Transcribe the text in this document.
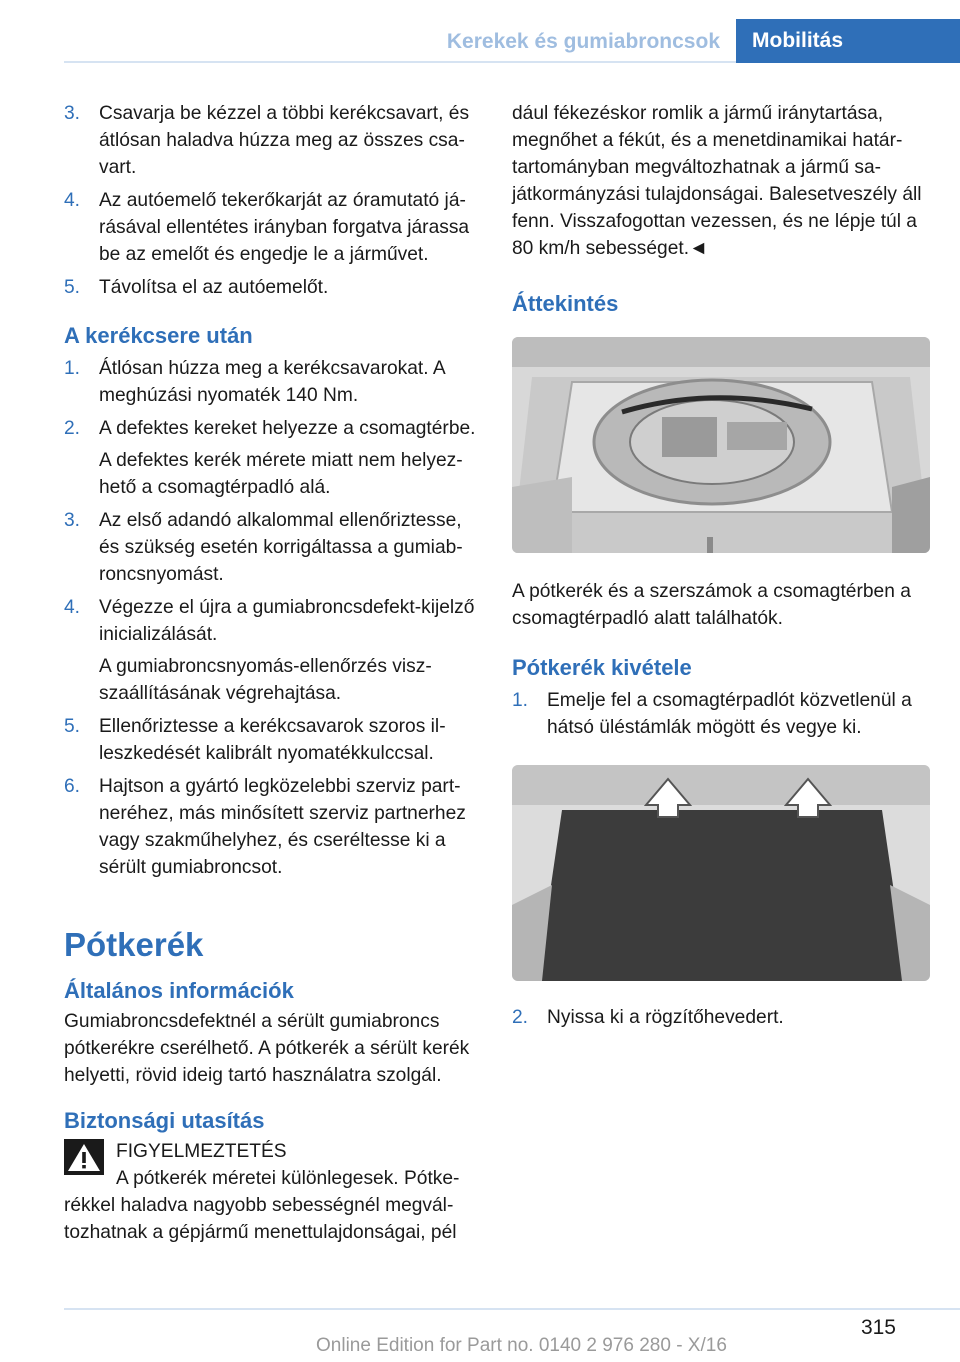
Kerekek és gumiabroncsok	Mobilitás
3. Csavarja be kézzel a többi kerékcsavart, és átlósan haladva húzza meg az összes csavart.
4. Az autóemelő tekerőkarját az óramutató járásával ellentétes irányban forgatva járassa be az emelőt és engedje le a járművet.
5. Távolítsa el az autóemelőt.
A kerékcsere után
1. Átlósan húzza meg a kerékcsavarokat. A meghúzási nyomaték 140 Nm.
2. A defektes kereket helyezze a csomagtérbe.
A defektes kerék mérete miatt nem helyezhető a csomagtérpadló alá.
3. Az első adandó alkalommal ellenőriztesse, és szükség esetén korrigáltassa a gumiabroncsnyomást.
4. Végezze el újra a gumiabroncsdefekt-kijelző inicializálását.
A gumiabroncsnyomás-ellenőrzés viszszaállításának végrehajtása.
5. Ellenőriztesse a kerékcsavarok szoros illeszkedését kalibrált nyomatékkulccsal.
6. Hajtson a gyártó legközelebbi szerviz partneréhez, más minősített szerviz partnerhez vagy szakműhelyhez, és cseréltesse ki a sérült gumiabroncsot.
Pótkerék
Általános információk
Gumiabroncsdefektnél a sérült gumiabroncs pótkerékre cserélhető. A pótkerék a sérült kerék helyetti, rövid ideig tartó használatra szolgál.
Biztonsági utasítás
FIGYELMEZTETÉS
A pótkerék méretei különlegesek. Pótkerékkel haladva nagyobb sebességnél megváltozhatnak a gépjármű menettulajdonságai, pél
dául fékezéskor romlik a jármű iránytartása, megnőhet a fékút, és a menetdinamikai határtartományban megváltozhatnak a jármű sajátkormányzási tulajdonságai. Balesetveszély áll fenn. Visszafogottan vezessen, és ne lépje túl a 80 km/h sebességet.◄
Áttekintés
A pótkerék és a szerszámok a csomagtérben a csomagtérpadló alatt találhatók.
Pótkerék kivétele
1. Emelje fel a csomagtérpadlót közvetlenül a hátsó üléstámlák mögött és vegye ki.
2. Nyissa ki a rögzítőhevedert.
315
Online Edition for Part no. 0140 2 976 280 - X/16
